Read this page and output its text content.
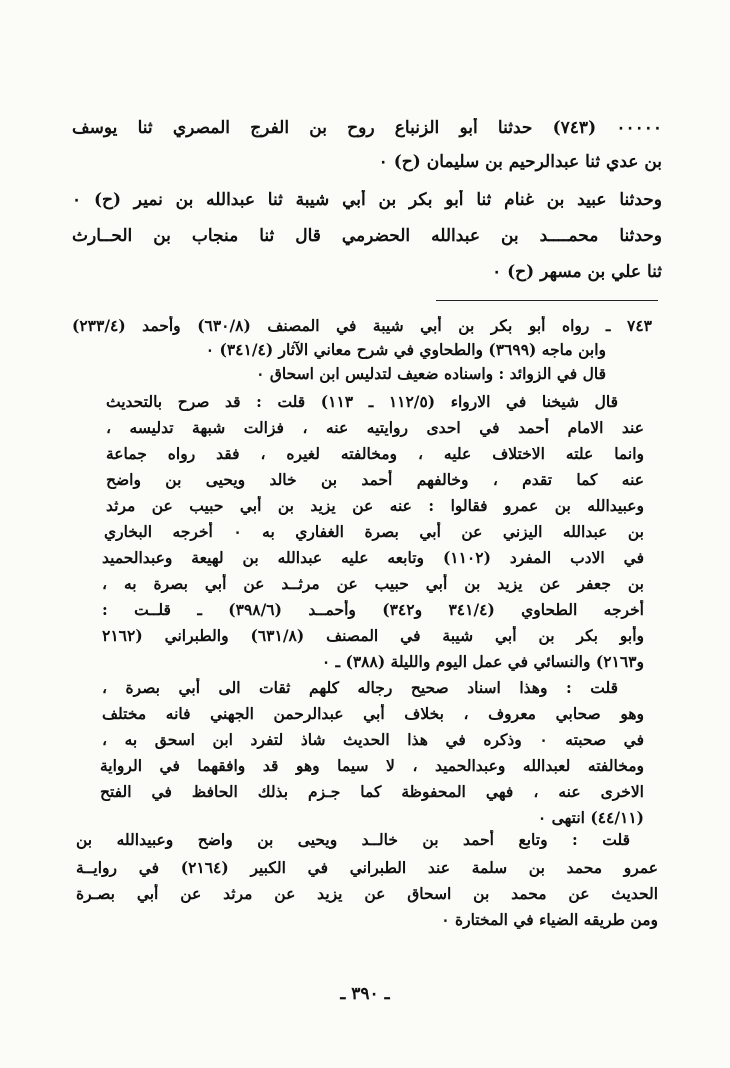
٠٠٠٠٠ (٧٤٣) حدثنا أبو الزنباع روح بن الفرج المصري ثنا يوسف
بن عدي ثنا عبدالرحيم بن سليمان (ح) ٠
وحدثنا عبيد بن غنام ثنا أبو بكر بن أبي شيبة ثنا عبدالله بن نمير (ح) ٠
وحدثنا محمــــد بن عبدالله الحضرمي قال ثنا منجاب بن الحــارث
ثنا علي بن مسهر (ح) ٠
٧٤٣ ـ رواه أبو بكر بن أبي شيبة في المصنف (٦٣٠/٨) وأحمد (٢٣٣/٤)
وابن ماجه (٣٦٩٩) والطحاوي في شرح معاني الآثار (٣٤١/٤) ٠
قال في الزوائد : واسناده ضعيف لتدليس ابن اسحاق ٠
قال شيخنا في الارواء (١١٢/٥ ـ ١١٣) قلت : قد صرح بالتحديث
عند الامام أحمد في احدى روايتيه عنه ، فزالت شبهة تدليسه ،
وانما علته الاختلاف عليه ، ومخالفته لغيره ، فقد رواه جماعة
عنه كما تقدم ، وخالفهم أحمد بن خالد ويحيى بن واضح
وعبيدالله بن عمرو فقالوا : عنه عن يزيد بن أبي حبيب عن مرثد
بن عبدالله اليزني عن أبي بصرة الغفاري به ٠ أخرجه البخاري
في الادب المفرد (١١٠٢) وتابعه عليه عبدالله بن لهيعة وعبدالحميد
بن جعفر عن يزيد بن أبي حبيب عن مرثــد عن أبي بصرة به ،
أخرجه الطحاوي (٣٤١/٤ و٣٤٢) وأحمــد (٣٩٨/٦) ـ قلــت :
وأبو بكر بن أبي شيبة في المصنف (٦٣١/٨) والطبراني (٢١٦٢
و٢١٦٣) والنسائي في عمل اليوم والليلة (٣٨٨) ـ ٠
قلت : وهذا اسناد صحيح رجاله كلهم ثقات الى أبي بصرة ،
وهو صحابي معروف ، بخلاف أبي عبدالرحمن الجهني فانه مختلف
في صحبته ٠ وذكره في هذا الحديث شاذ لتفرد ابن اسحق به ،
ومخالفته لعبدالله وعبدالحميد ، لا سيما وهو قد وافقهما في الرواية
الاخرى عنه ، فهي المحفوظة كما جـزم بذلك الحافظ في الفتح
(٤٤/١١) انتهى ٠
قلت : وتابع أحمد بن خالــد ويحيى بن واضح وعبيدالله بن
عمرو محمد بن سلمة عند الطبراني في الكبير (٢١٦٤) في روايــة
الحديث عن محمد بن اسحاق عن يزيد عن مرثد عن أبي بصـرة
ومن طريقه الضياء في المختارة ٠
ـ ٣٩٠ ـ
